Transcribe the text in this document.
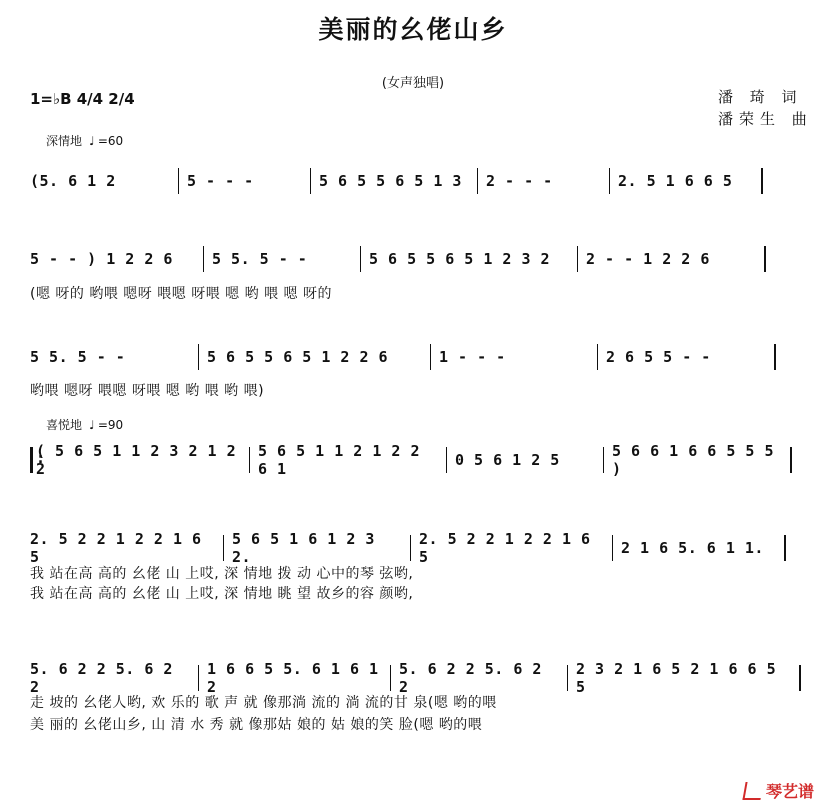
美丽的幺佬山乡
(女声独唱)
1=♭B 4/4 2/4	潘 琦 词
潘荣生 曲
深情地 ♩ =60
(5. 6 1 2	5 - - -	5 6 5 5 6 5 1 3	2 - - -	2. 5 1 6 6 5
5 - - ) 1 2 2 6	5 5. 5 - -	5 6 5 5 6 5 1 2 3 2	2 - - 1 2 2 6
(嗯 呀的 哟喂 嗯呀 喂嗯 呀喂 嗯 哟 喂 嗯 呀的
5 5. 5 - -	5 6 5 5 6 5 1 2 2 6	1 - - -	2 6 5 5 - -
哟喂 嗯呀 喂嗯 呀喂 嗯 哟 喂 哟 喂)
喜悦地 ♩ =90
:
( 5 6 5 1 1 2 3 2 1 2 2
5 6 5 1 1 2 1 2 2 6 1	0 5 6 1 2 5	5 6 6 1 6 6 5 5 5 )
2. 5 2 2 1 2 2 1 6 5
5 6 5 1 6 1 2 3 2.
2. 5 2 2 1 2 2 1 6 5	2 1 6 5. 6 1 1.
我 站在高 高的 幺佬 山 上哎, 深 情地 拨 动 心中的琴 弦哟,
我 站在高 高的 幺佬 山 上哎, 深 情地 眺 望 故乡的容 颜哟,
5. 6 2 2 5. 6 2 2
1 6 6 5 5. 6 1 6 1 2
5. 6 2 2 5. 6 2 2
2 3 2 1 6 5 2 1 6 6 5 5
走 坡的 幺佬人哟, 欢 乐的 歌 声 就 像那淌 流的 淌 流的甘 泉(嗯 哟的喂
美 丽的 幺佬山乡, 山 清 水 秀 就 像那姑 娘的 姑 娘的笑 脸(嗯 哟的喂
琴艺谱
